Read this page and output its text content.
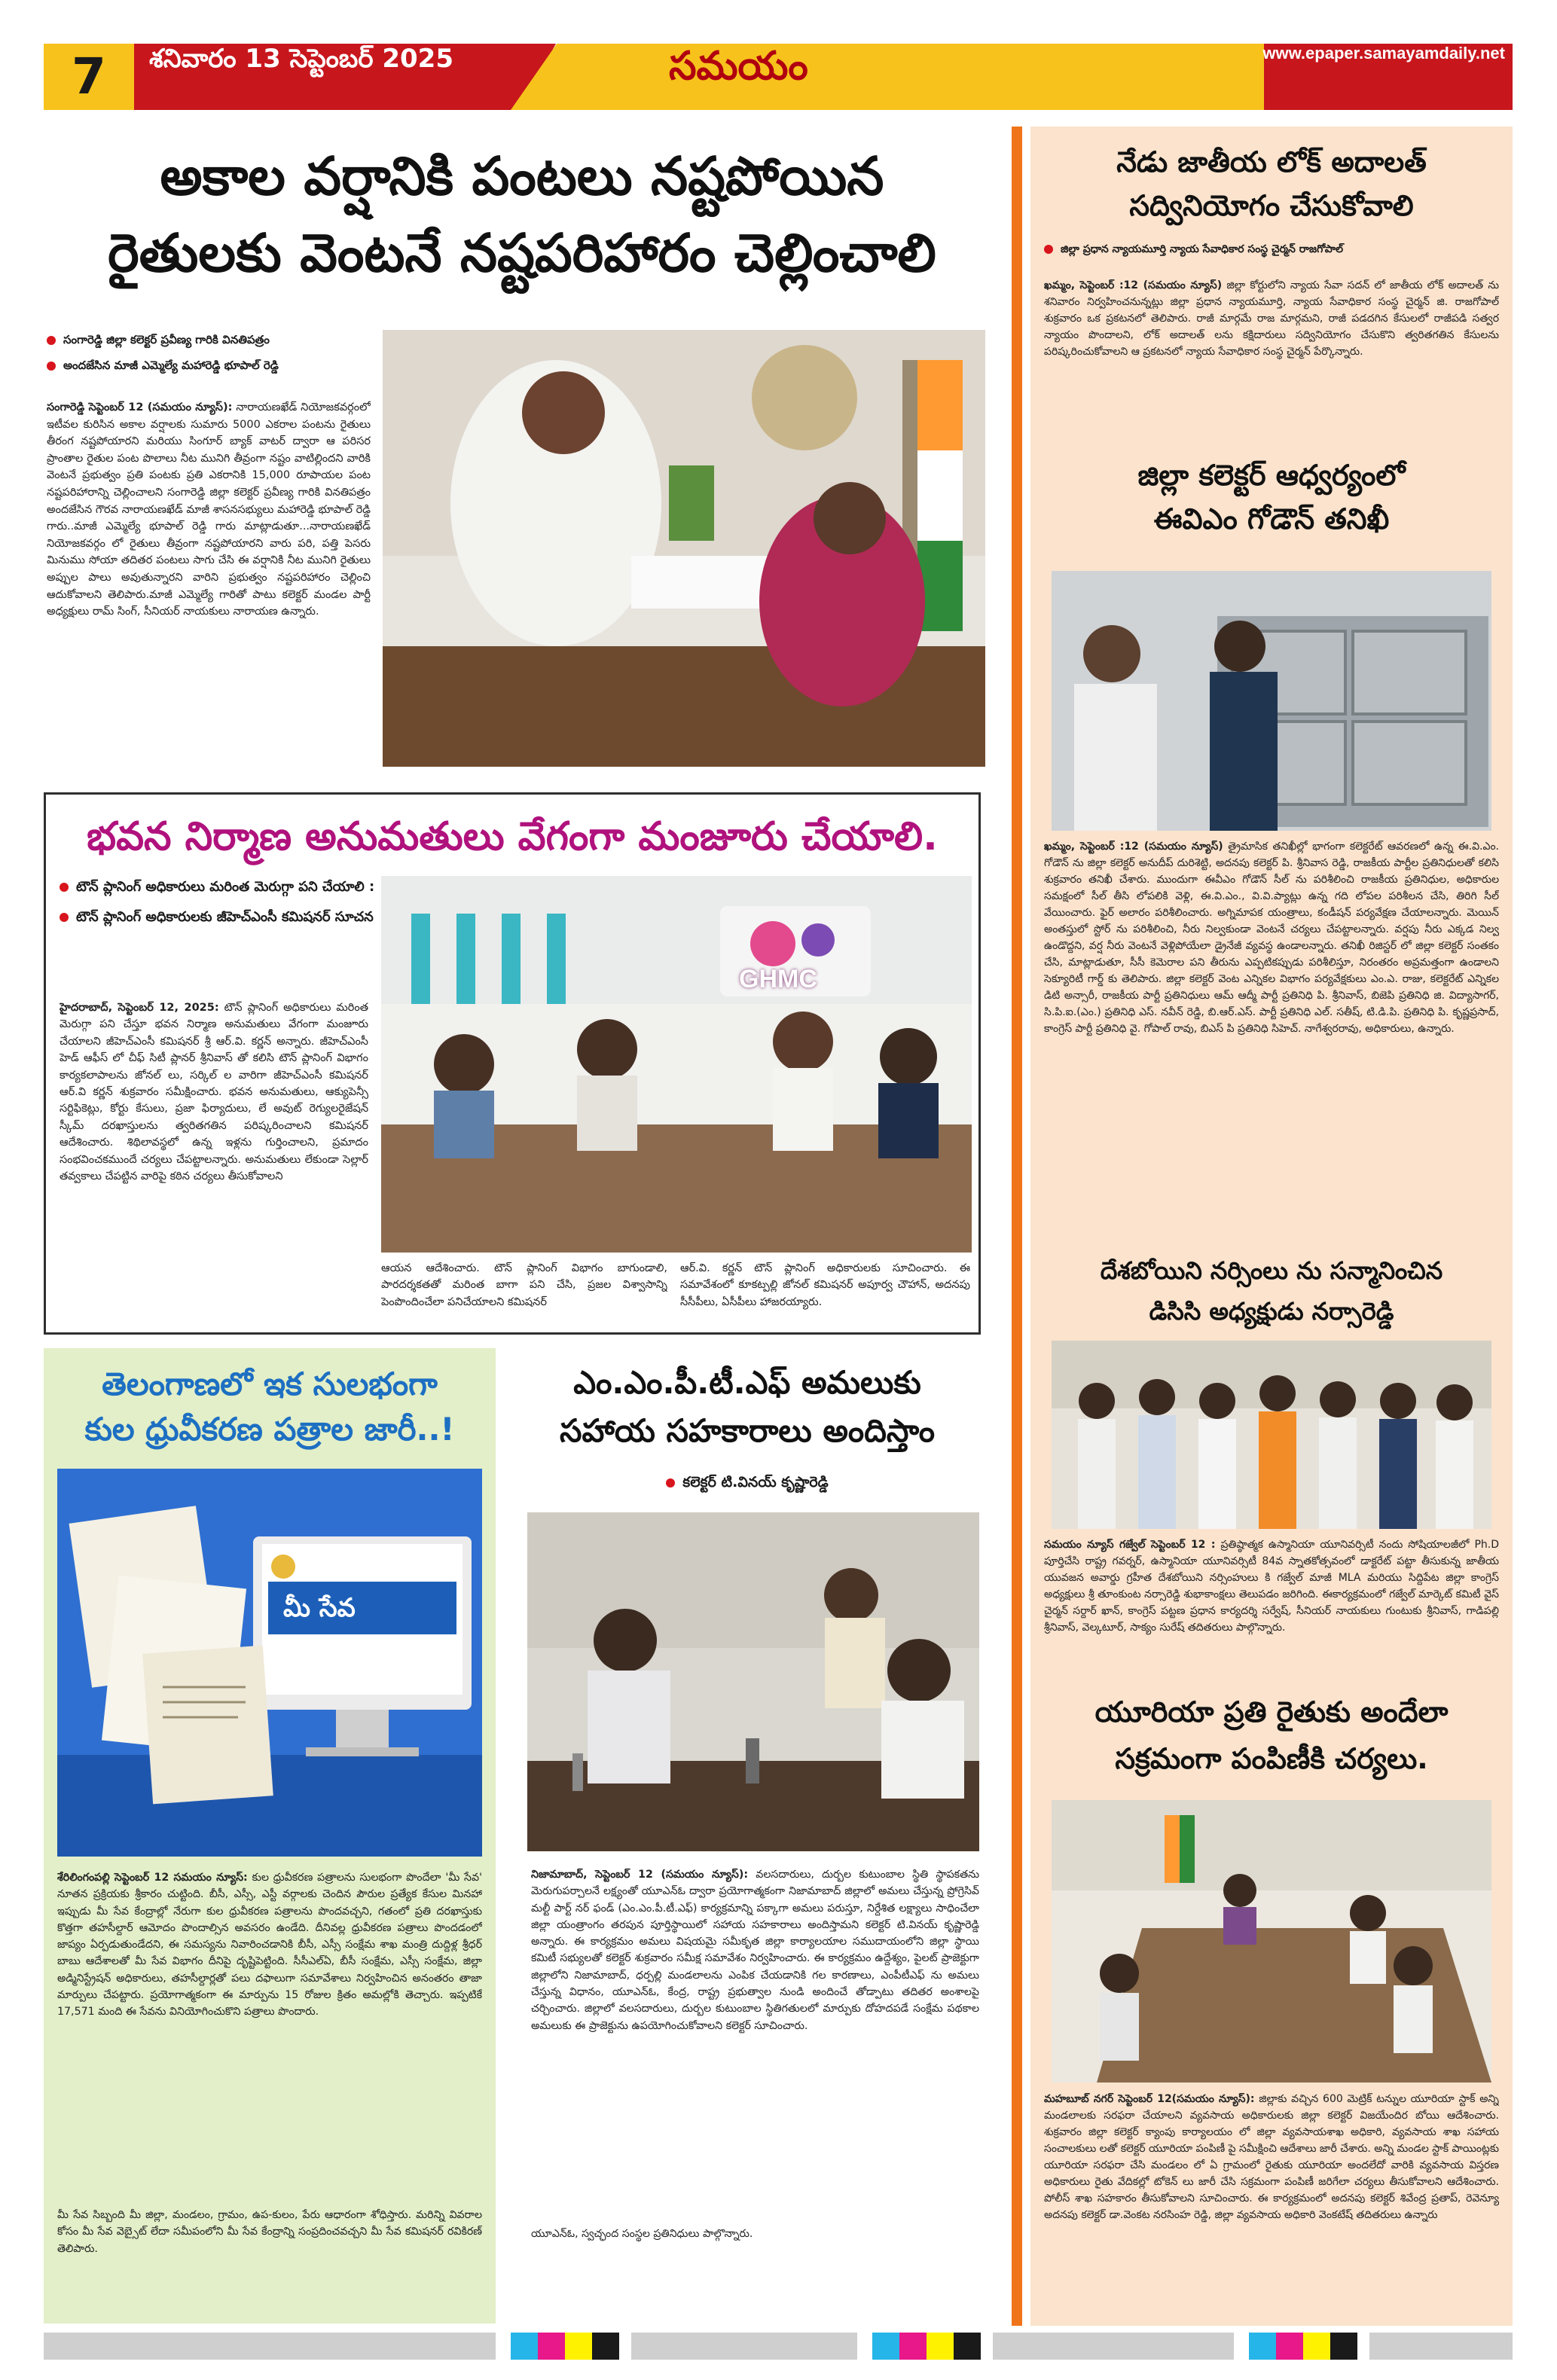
7	శనివారం 13 సెప్టెంబర్ 2025	సమయం	www.epaper.samayamdaily.net
అకాల వర్షానికి పంటలు నష్టపోయిన
రైతులకు వెంటనే నష్టపరిహారం చెల్లించాలి
సంగారెడ్డి జిల్లా కలెక్టర్ ప్రవీణ్య గారికి వినతిపత్రం
అందజేసిన మాజీ ఎమ్మెల్యే మహారెడ్డి భూపాల్ రెడ్డి
సంగారెడ్డి సెప్టెంబర్ 12 (సమయం న్యూస్): నారాయణఖేడ్ నియోజకవర్గంలో ఇటీవల కురిసిన అకాల వర్షాలకు సుమారు 5000 ఎకరాల పంటను రైతులు తీరంగ నష్టపోయారని మరియు సింగూర్ బ్యాక్ వాటర్ ద్వారా ఆ పరిసర ప్రాంతాల రైతుల పంట పొలాలు నీట మునిగి తీవ్రంగా నష్టం వాటిల్లిందని వారికి వెంటనే ప్రభుత్వం ప్రతి పంటకు ప్రతి ఎకరానికి 15,000 రూపాయల పంట నష్టపరిహారాన్ని చెల్లించాలని సంగారెడ్డి జిల్లా కలెక్టర్ ప్రవీణ్య గారికి వినతిపత్రం అందజేసిన గౌరవ నారాయణఖేడ్ మాజీ శాసనసభ్యులు మహారెడ్డి భూపాల్ రెడ్డి గారు..మాజీ ఎమ్మెల్యే భూపాల్ రెడ్డి గారు మాట్లాడుతూ...నారాయణఖేడ్ నియోజకవర్గం లో రైతులు తీవ్రంగా నష్టపోయారని వారు పరి, పత్తి పెసరు మినుము సోయా తదితర పంటలు సాగు చేసి ఈ వర్షానికి నీట మునిగి రైతులు అప్పుల పాలు అవుతున్నారని వారిని ప్రభుత్వం నష్టపరిహారం చెల్లించి ఆదుకోవాలని తెలిపారు.మాజీ ఎమ్మెల్యే గారితో పాటు కలెక్టర్ మండల పార్టీ అధ్యక్షులు రామ్ సింగ్, సీనియర్ నాయకులు నారాయణ ఉన్నారు.
భవన నిర్మాణ అనుమతులు వేగంగా మంజూరు చేయాలి.
టౌన్ ప్లానింగ్ అధికారులు మరింత మెరుగ్గా పని చేయాలి :
టౌన్ ప్లానింగ్ అధికారులకు జీహెచ్ఎంసీ కమిషనర్ సూచన
హైదరాబాద్, సెప్టెంబర్ 12, 2025: టౌన్ ప్లానింగ్ అధికారులు మరింత మెరుగ్గా పని చేస్తూ భవన నిర్మాణ అనుమతులు వేగంగా మంజూరు చేయాలని జీహెచ్ఎంసీ కమిషనర్ శ్రీ ఆర్.వి. కర్ణన్ అన్నారు. జీహెచ్ఎంసీ హెడ్ ఆఫీస్ లో చీఫ్ సిటీ ప్లానర్ శ్రీనివాస్ తో కలిసి టౌన్ ప్లానింగ్ విభాగం కార్యకలాపాలను జోనల్ లు, సర్కిల్ ల వారిగా జీహెచ్ఎంసీ కమిషనర్ ఆర్.వి కర్ణన్ శుక్రవారం సమీక్షించారు. భవన అనుమతులు, ఆక్యుపెన్సీ సర్టిఫికెట్లు, కోర్టు కేసులు, ప్రజా ఫిర్యాదులు, లే అవుట్ రెగ్యులరైజేషన్ స్కీమ్ దరఖాస్తులను త్వరితగతిన పరిష్కరించాలని కమిషనర్ ఆదేశించారు. శిథిలావస్థలో ఉన్న ఇళ్లను గుర్తించాలని, ప్రమాదం సంభవించకముందే చర్యలు చేపట్టాలన్నారు. అనుమతులు లేకుండా సెల్లార్ తవ్వకాలు చేపట్టిన వారిపై కఠిన చర్యలు తీసుకోవాలని
GHMC
ఆయన ఆదేశించారు. టౌన్ ప్లానింగ్ విభాగం బాగుండాలి, పారదర్శకతతో మరింత బాగా పని చేసి, ప్రజల విశ్వాసాన్ని పెంపొందించేలా పనిచేయాలని కమిషనర్
ఆర్.వి. కర్ణన్ టౌన్ ప్లానింగ్ అధికారులకు సూచించారు. ఈ సమావేశంలో కూకట్పల్లి జోనల్ కమిషనర్ అపూర్వ చౌహాన్, అదనపు సీసీపీలు, ఏసీపీలు హాజరయ్యారు.
తెలంగాణలో ఇక సులభంగా
కుల ధ్రువీకరణ పత్రాల జారీ..!
మీ సేవ
శేరిలింగంపల్లి సెప్టెంబర్ 12 సమయం న్యూస్: కుల ధ్రువీకరణ పత్రాలను సులభంగా పొందేలా 'మీ సేవ' నూతన ప్రక్రియకు శ్రీకారం చుట్టింది. బీసీ, ఎస్సీ, ఎస్టీ వర్గాలకు చెందిన పౌరుల ప్రత్యేక కేసుల మినహా ఇప్పుడు మీ సేవ కేంద్రాల్లో నేరుగా కుల ధ్రువీకరణ పత్రాలను పొందవచ్చని, గతంలో ప్రతి దరఖాస్తుకు కొత్తగా తహసీల్దార్ ఆమోదం పొందాల్సిన అవసరం ఉండేది. దీనివల్ల ధ్రువీకరణ పత్రాలు పొందడంలో జాప్యం ఏర్పడుతుండేదని, ఈ సమస్యను నివారించడానికి బీసీ, ఎస్సీ సంక్షేమ శాఖ మంత్రి దుద్దిళ్ల శ్రీధర్ బాబు ఆదేశాలతో మీ సేవ విభాగం దీనిపై దృష్టిపెట్టింది. సీసీఎల్ఏ, బీసీ సంక్షేమ, ఎస్సీ సంక్షేమ, జిల్లా అడ్మినిస్ట్రేషన్ అధికారులు, తహసీల్దార్లతో పలు దఫాలుగా సమావేశాలు నిర్వహించిన అనంతరం తాజా మార్పులు చేపట్టారు. ప్రయోగాత్మకంగా ఈ మార్పును 15 రోజుల క్రితం అమల్లోకి తెచ్చారు. ఇప్పటికే 17,571 మంది ఈ సేవను వినియోగించుకొని పత్రాలు పొందారు.
మీ సేవ సిబ్బంది మీ జిల్లా, మండలం, గ్రామం, ఉప-కులం, పేరు ఆధారంగా శోధిస్తారు. మరిన్ని వివరాల కోసం మీ సేవ వెబ్సైట్ లేదా సమీపంలోని మీ సేవ కేంద్రాన్ని సంప్రదించవచ్చని మీ సేవ కమిషనర్ రవికిరణ్ తెలిపారు.
ఎం.ఎం.పీ.టీ.ఎఫ్ అమలుకు
సహాయ సహకారాలు అందిస్తాం
కలెక్టర్ టి.వినయ్ కృష్ణారెడ్డి
నిజామాబాద్, సెప్టెంబర్ 12 (సమయం న్యూస్): వలసదారులు, దుర్బల కుటుంబాల స్థితి స్థాపకతను మెరుగుపర్చాలనే లక్ష్యంతో యూఎన్ఓ ద్వారా ప్రయోగాత్మకంగా నిజామాబాద్ జిల్లాలో అమలు చేస్తున్న ప్రోగ్రెసివ్ మల్టీ పార్ట్ నర్ ఫండ్ (ఎం.ఎం.పీ.టీ.ఎఫ్) కార్యక్రమాన్ని పక్కాగా అమలు పరుస్తూ, నిర్దేశిత లక్ష్యాలు సాధించేలా జిల్లా యంత్రాంగం తరపున పూర్తిస్థాయిలో సహాయ సహకారాలు అందిస్తామని కలెక్టర్ టి.వినయ్ కృష్ణారెడ్డి అన్నారు. ఈ కార్యక్రమం అమలు విషయమై సమీకృత జిల్లా కార్యాలయాల సముదాయంలోని జిల్లా స్థాయి కమిటీ సభ్యులతో కలెక్టర్ శుక్రవారం సమీక్ష సమావేశం నిర్వహించారు. ఈ కార్యక్రమం ఉద్దేశ్యం, పైలట్ ప్రాజెక్టుగా జిల్లాలోని నిజామాబాద్, ధర్పల్లి మండలాలను ఎంపిక చేయడానికి గల కారణాలు, ఎంపీటీఎఫ్ ను అమలు చేస్తున్న విధానం, యూఎన్ఓ, కేంద్ర, రాష్ట్ర ప్రభుత్వాల నుండి అందించే తోడ్పాటు తదితర అంశాలపై చర్చించారు. జిల్లాలో వలసదారులు, దుర్బల కుటుంబాల స్థితిగతులలో మార్పుకు దోహదపడే సంక్షేమ పథకాల అమలుకు ఈ ప్రాజెక్టును ఉపయోగించుకోవాలని కలెక్టర్ సూచించారు.
యూఎన్ఓ, స్వచ్ఛంద సంస్థల ప్రతినిధులు పాల్గొన్నారు.
నేడు జాతీయ లోక్ అదాలత్
సద్వినియోగం చేసుకోవాలి
జిల్లా ప్రధాన న్యాయమూర్తి న్యాయ సేవాధికార సంస్థ చైర్మన్ రాజగోపాల్
ఖమ్మం, సెప్టెంబర్ :12 (సమయం న్యూస్) జిల్లా కోర్టులోని న్యాయ సేవా సదన్ లో జాతీయ లోక్ అదాలత్ ను శనివారం నిర్వహించనున్నట్లు జిల్లా ప్రధాన న్యాయమూర్తి, న్యాయ సేవాధికార సంస్థ చైర్మన్ జి. రాజగోపాల్ శుక్రవారం ఒక ప్రకటనలో తెలిపారు. రాజీ మార్గమే రాజ మార్గమని, రాజీ పడదగిన కేసులలో రాజీపడి సత్వర న్యాయం పొందాలని, లోక్ అదాలత్ లను కక్షిదారులు సద్వినియోగం చేసుకొని త్వరితగతిన కేసులను పరిష్కరించుకోవాలని ఆ ప్రకటనలో న్యాయ సేవాధికార సంస్థ చైర్మన్ పేర్కొన్నారు.
జిల్లా కలెక్టర్ ఆధ్వర్యంలో
ఈవిఎం గోడౌన్ తనిఖీ
ఖమ్మం, సెప్టెంబర్ :12 (సమయం న్యూస్) త్రైమాసిక తనిఖీల్లో భాగంగా కలెక్టరేట్ ఆవరణలో ఉన్న ఈ.వి.ఎం. గోడౌన్ ను జిల్లా కలెక్టర్ అనుదీప్ దురిశెట్టి, అదనపు కలెక్టర్ పి. శ్రీనివాస రెడ్డి, రాజకీయ పార్టీల ప్రతినిధులతో కలిసి శుక్రవారం తనిఖీ చేశారు. ముందుగా ఈవీఎం గోడౌన్ సీల్ ను పరిశీలించి రాజకీయ ప్రతినిధుల, అధికారుల సమక్షంలో సీల్ తీసి లోపలికి వెళ్లి, ఈ.వి.ఎం., వి.వి.ప్యాట్లు ఉన్న గది లోపల పరిశీలన చేసి, తిరిగి సీల్ వేయించారు. ఫైర్ అలారం పరిశీలించారు. అగ్నిమాపక యంత్రాలు, కండీషన్ పర్యవేక్షణ చేయాలన్నారు. మెయిన్ అంతస్తులో స్టోర్ ను పరిశీలించి, నీరు నిల్వకుండా వెంటనే చర్యలు చేపట్టాలన్నారు. వర్షపు నీరు ఎక్కడ నిల్వ ఉండొద్దని, వర్ష నీరు వెంటనే వెళ్లిపోయేలా డ్రైనేజీ వ్యవస్థ ఉండాలన్నారు. తనిఖీ రిజిస్టర్ లో జిల్లా కలెక్టర్ సంతకం చేసి, మాట్లాడుతూ, సీసీ కెమెరాల పని తీరును ఎప్పటికప్పుడు పరిశీలిస్తూ, నిరంతరం అప్రమత్తంగా ఉండాలని సెక్యూరిటీ గార్డ్ కు తెలిపారు. జిల్లా కలెక్టర్ వెంట ఎన్నికల విభాగం పర్యవేక్షకులు ఎం.ఎ. రాజు, కలెక్టరేట్ ఎన్నికల డిటి అన్సారీ, రాజకీయ పార్టీ ప్రతినిధులు ఆమ్ ఆద్మీ పార్టీ ప్రతినిధి పి. శ్రీనివాస్, బిజెపి ప్రతినిధి జి. విద్యాసాగర్, సి.పి.ఐ.(ఎం.) ప్రతినిధి ఎస్. నవీన్ రెడ్డి, బి.ఆర్.ఎస్. పార్టీ ప్రతినిధి ఎల్. సతీష్, టి.డి.పి. ప్రతినిధి పి. కృష్ణప్రసాద్, కాంగ్రెస్ పార్టీ ప్రతినిధి వై. గోపాల్ రావు, బిఎస్ పి ప్రతినిధి సిహెచ్. నాగేశ్వరరావు, అధికారులు, ఉన్నారు.
దేశబోయిని నర్సింలు ను సన్మానించిన
డిసిసి అధ్యక్షుడు నర్సారెడ్డి
సమయం న్యూస్ గజ్వేల్ సెప్టెంబర్ 12 : ప్రతిష్ఠాత్మక ఉస్మానియా యూనివర్సిటీ నందు సోషియాలజీలో Ph.D పూర్తిచేసి రాష్ట్ర గవర్నర్, ఉస్మానియా యూనివర్సిటీ 84వ స్నాతకోత్సవంలో డాక్టరేట్ పట్టా తీసుకున్న జాతీయ యువజన అవార్డు గ్రహీత దేశబోయిని నర్సింహులు కి గజ్వేల్ మాజీ MLA మరియు సిద్దిపేట జిల్లా కాంగ్రెస్ అధ్యక్షులు శ్రీ తూంకుంట నర్సారెడ్డి శుభాకాంక్షలు తెలుపడం జరిగింది. ఈకార్యక్రమంలో గజ్వేల్ మార్కెట్ కమిటీ వైస్ చైర్మన్ సర్దార్ ఖాన్, కాంగ్రెస్ పట్టణ ప్రధాన కార్యదర్శి సర్వేష్, సీనియర్ నాయకులు గుంటుకు శ్రీనివాస్, గాడిపల్లి శ్రీనివాస్, వెల్కటూర్, సాక్యం సురేష్ తదితరులు పాల్గొన్నారు.
యూరియా ప్రతి రైతుకు అందేలా
సక్రమంగా పంపిణీకి చర్యలు.
మహబూబ్ నగర్ సెప్టెంబర్ 12(సమయం న్యూస్): జిల్లాకు వచ్చిన 600 మెట్రిక్ టన్నుల యూరియా స్టాక్ అన్ని మండలాలకు సరఫరా చేయాలని వ్యవసాయ అధికారులకు జిల్లా కలెక్టర్ విజయేందిర బోయి ఆదేశించారు. శుక్రవారం జిల్లా కలెక్టర్ క్యాంపు కార్యాలయం లో జిల్లా వ్యవసాయశాఖ అధికారి, వ్యవసాయ శాఖ సహాయ సంచాలకులు లతో కలెక్టర్ యూరియా పంపిణీ పై సమీక్షించి ఆదేశాలు జారీ చేశారు. అన్ని మండల స్టాక్ పాయింట్లకు యూరియా సరఫరా చేసి మండలం లో ఏ గ్రామంలో రైతుకు యూరియా అందలేదో వారికి వ్యవసాయ విస్తరణ అధికారులు రైతు వేదికల్లో టోకెన్ లు జారీ చేసి సక్రమంగా పంపిణీ జరిగేలా చర్యలు తీసుకోవాలని ఆదేశించారు. పోలీస్ శాఖ సహకారం తీసుకోవాలని సూచించారు. ఈ కార్యక్రమంలో అదనపు కలెక్టర్ శివేంద్ర ప్రతాప్, రెవెన్యూ అదనపు కలెక్టర్ డా.వెంకట నరసింహ రెడ్డి, జిల్లా వ్యవసాయ అధికారి వెంకటేష్ తదితరులు ఉన్నారు
